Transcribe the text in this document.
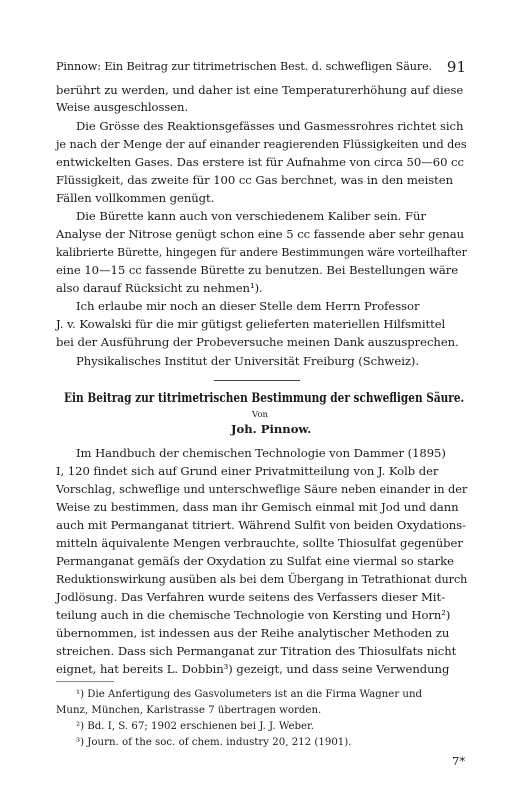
Pinnow: Ein Beitrag zur titrimetrischen Best. d. schwefligen Säure. 91
berührt zu werden, und daher ist eine Temperaturerhöhung auf diese
Weise ausgeschlossen.
Die Grösse des Reaktionsgefässes und Gasmessrohres richtet sich
je nach der Menge der auf einander reagierenden Flüssigkeiten und des
entwickelten Gases. Das erstere ist für Aufnahme von circa 50—60 cc
Flüssigkeit, das zweite für 100 cc Gas berchnet, was in den meisten
Fällen vollkommen genügt.
Die Bürette kann auch von verschiedenem Kaliber sein. Für
Analyse der Nitrose genügt schon eine 5 cc fassende aber sehr genau
kalibrierte Bürette, hingegen für andere Bestimmungen wäre vorteilhafter
eine 10—15 cc fassende Bürette zu benutzen. Bei Bestellungen wäre
also darauf Rücksicht zu nehmen¹).
Ich erlaube mir noch an dieser Stelle dem Herrn Professor
J. v. Kowalski für die mir gütigst gelieferten materiellen Hilfsmittel
bei der Ausführung der Probeversuche meinen Dank auszusprechen.
Physikalisches Institut der Universität Freiburg (Schweiz).
Ein Beitrag zur titrimetrischen Bestimmung der schwefligen Säure.
Von
Joh. Pinnow.
Im Handbuch der chemischen Technologie von Dammer (1895)
I, 120 findet sich auf Grund einer Privatmitteilung von J. Kolb der
Vorschlag, schweflige und unterschweflige Säure neben einander in der
Weise zu bestimmen, dass man ihr Gemisch einmal mit Jod und dann
auch mit Permanganat titriert. Während Sulfit von beiden Oxydations-
mitteln äquivalente Mengen verbrauchte, sollte Thiosulfat gegenüber
Permanganat gemäſs der Oxydation zu Sulfat eine viermal so starke
Reduktionswirkung ausüben als bei dem Übergang in Tetrathionat durch
Jodlösung. Das Verfahren wurde seitens des Verfassers dieser Mit-
teilung auch in die chemische Technologie von Kersting und Horn²)
übernommen, ist indessen aus der Reihe analytischer Methoden zu
streichen. Dass sich Permanganat zur Titration des Thiosulfats nicht
eignet, hat bereits L. Dobbin³) gezeigt, und dass seine Verwendung
¹) Die Anfertigung des Gasvolumeters ist an die Firma Wagner und
Munz, München, Karlstrasse 7 übertragen worden.
²) Bd. I, S. 67; 1902 erschienen bei J. J. Weber.
³) Journ. of the soc. of chem. industry 20, 212 (1901).
7*
